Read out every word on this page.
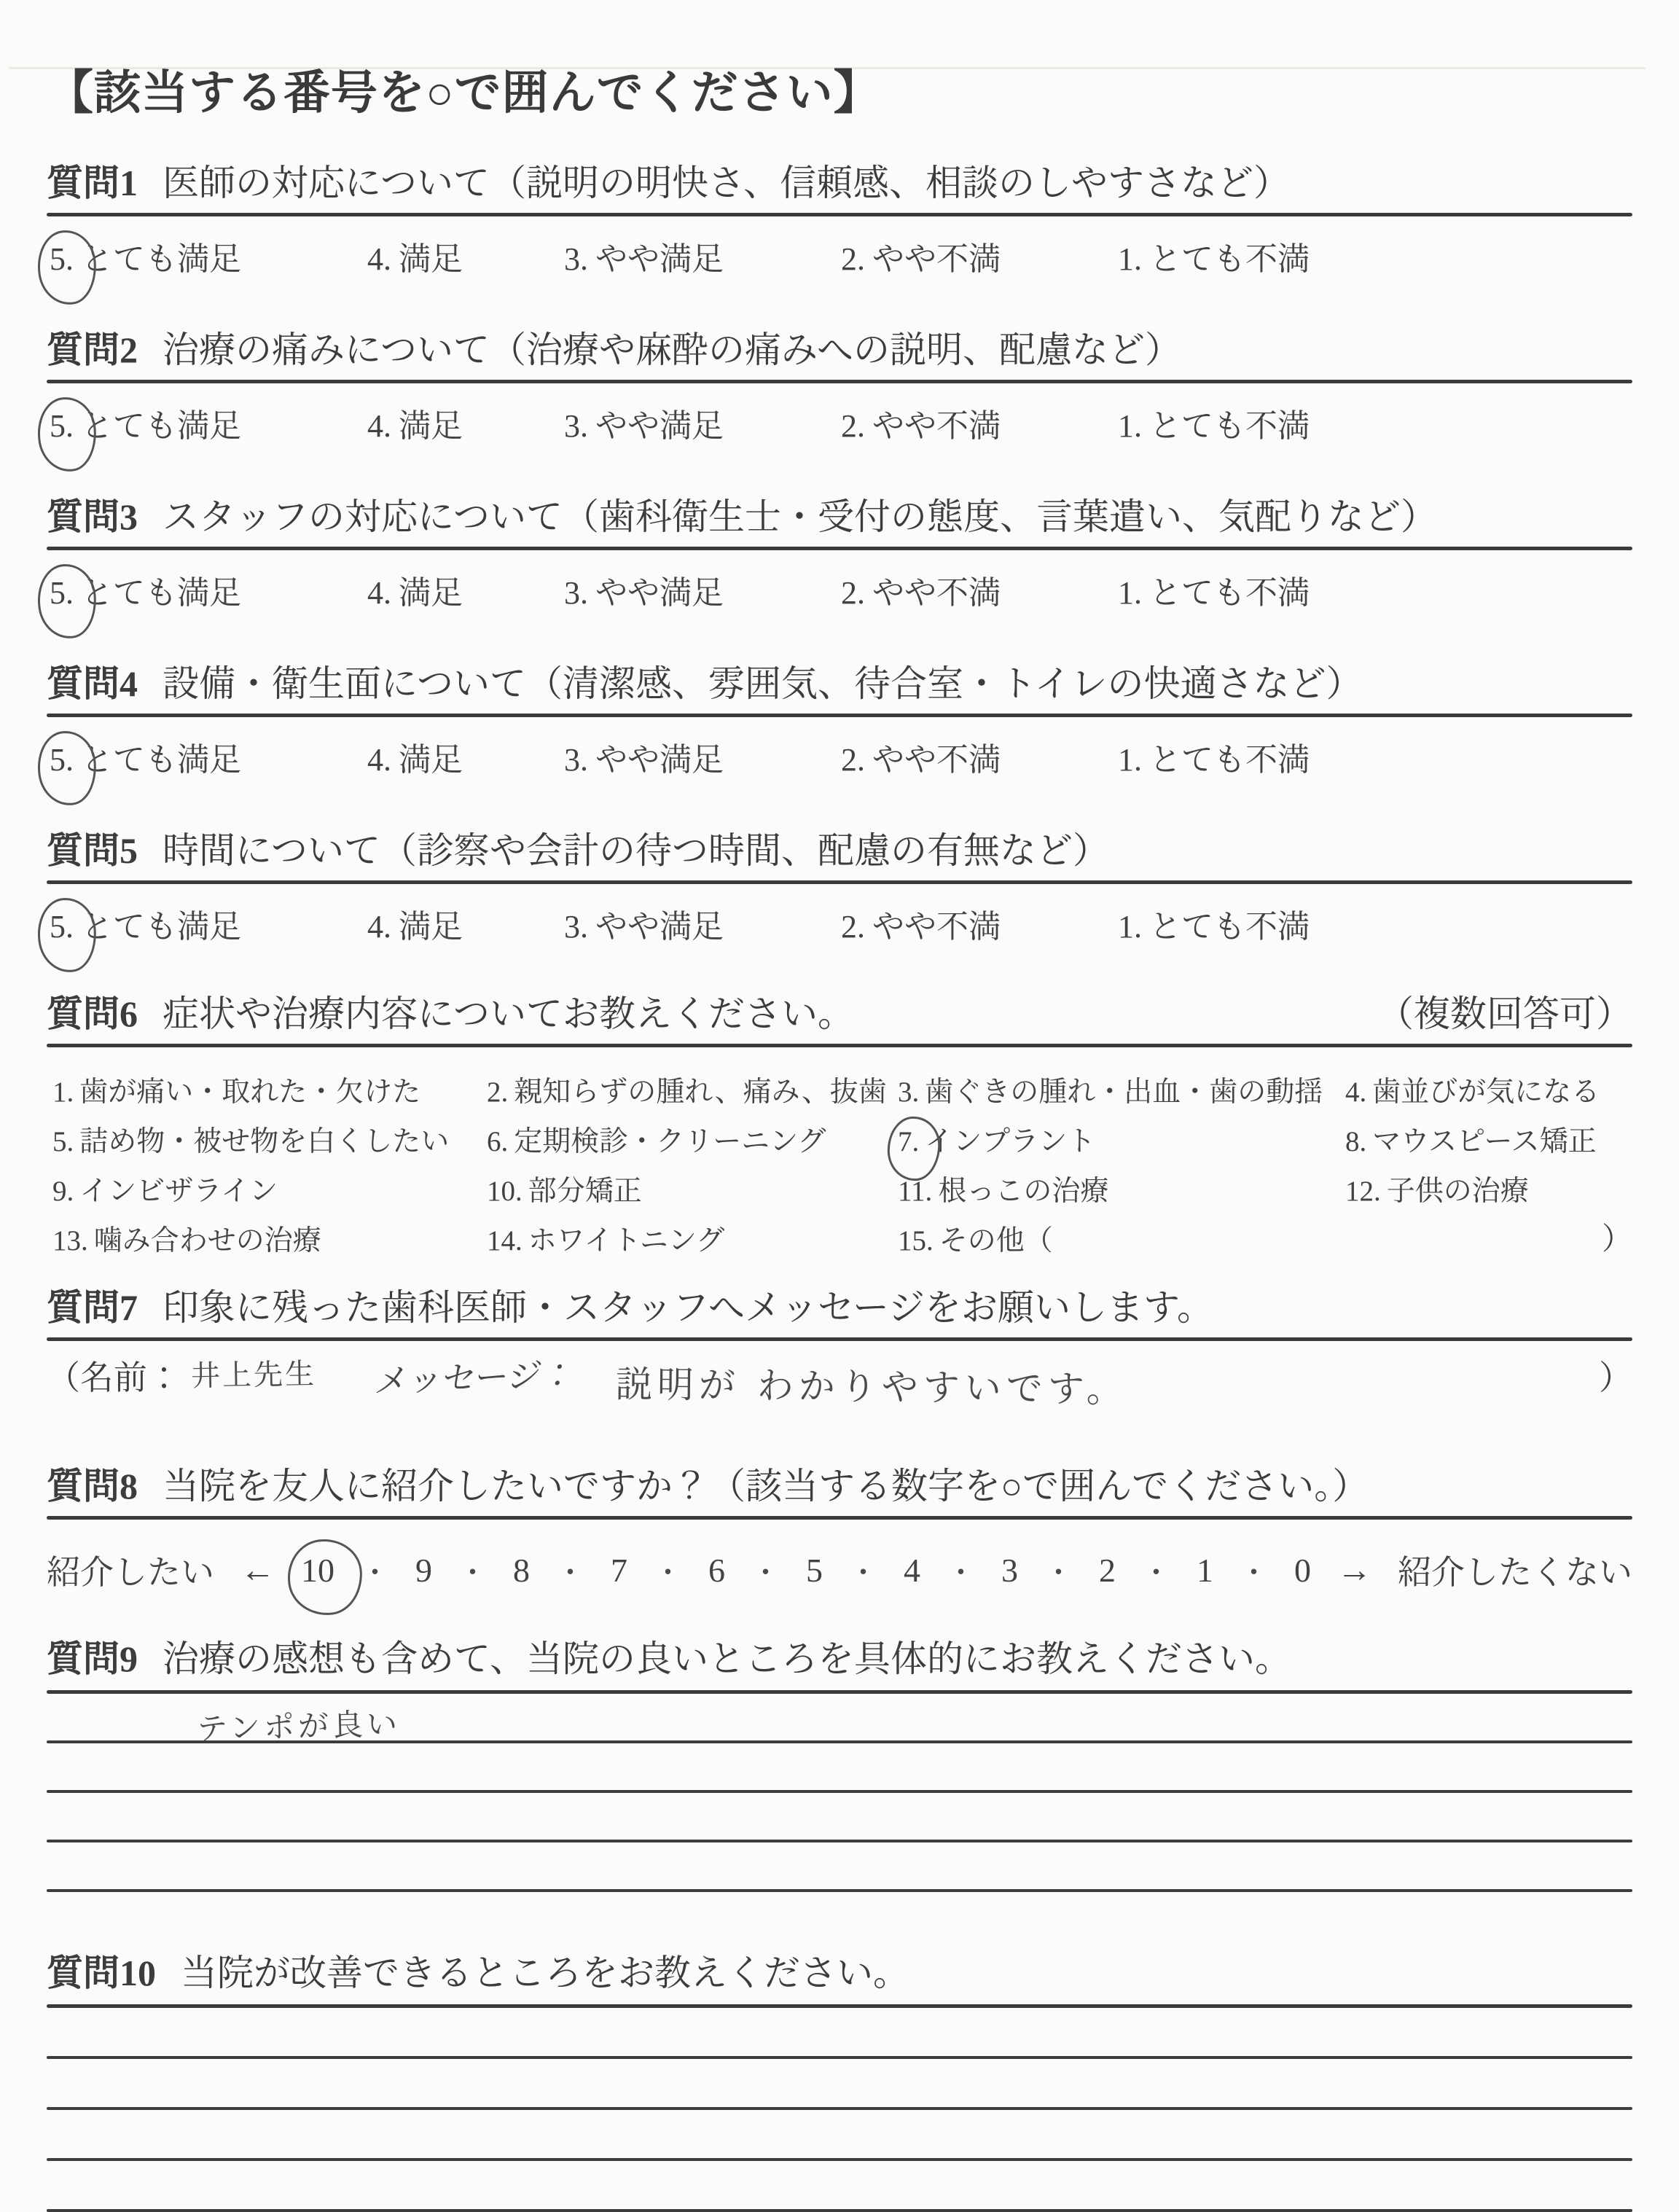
【該当する番号を○で囲んでください】
質問1 医師の対応について（説明の明快さ、信頼感、相談のしやすさなど）
5. とても満足	4. 満足	3. やや満足	2. やや不満	1. とても不満
質問2 治療の痛みについて（治療や麻酔の痛みへの説明、配慮など）
5. とても満足	4. 満足	3. やや満足	2. やや不満	1. とても不満
質問3 スタッフの対応について（歯科衛生士・受付の態度、言葉遣い、気配りなど）
5. とても満足	4. 満足	3. やや満足	2. やや不満	1. とても不満
質問4 設備・衛生面について（清潔感、雰囲気、待合室・トイレの快適さなど）
5. とても満足	4. 満足	3. やや満足	2. やや不満	1. とても不満
質問5 時間について（診察や会計の待つ時間、配慮の有無など）
5. とても満足	4. 満足	3. やや満足	2. やや不満	1. とても不満
（複数回答可）
質問6 症状や治療内容についてお教えください。
1. 歯が痛い・取れた・欠けた 2. 親知らずの腫れ、痛み、抜歯 3. 歯ぐきの腫れ・出血・歯の動揺 4. 歯並びが気になる
5. 詰め物・被せ物を白くしたい 6. 定期検診・クリーニング	7. インプラント	8. マウスピース矯正
9. インビザライン	10. 部分矯正	11. 根っこの治療	12. 子供の治療
13. 噛み合わせの治療	14. ホワイトニング	15. その他（	）
質問7 印象に残った歯科医師・スタッフへメッセージをお願いします。
（名前： 井上先生 メッセージ： 説明が わかりやすいです。	）
質問8 当院を友人に紹介したいですか？（該当する数字を○で囲んでください。）
紹介したい ← 10 ・ 9 ・ 8 ・ 7 ・ 6 ・ 5 ・ 4 ・ 3 ・ 2 ・ 1 ・ 0 → 紹介したくない
質問9 治療の感想も含めて、当院の良いところを具体的にお教えください。
テンポが良い
質問10 当院が改善できるところをお教えください。
